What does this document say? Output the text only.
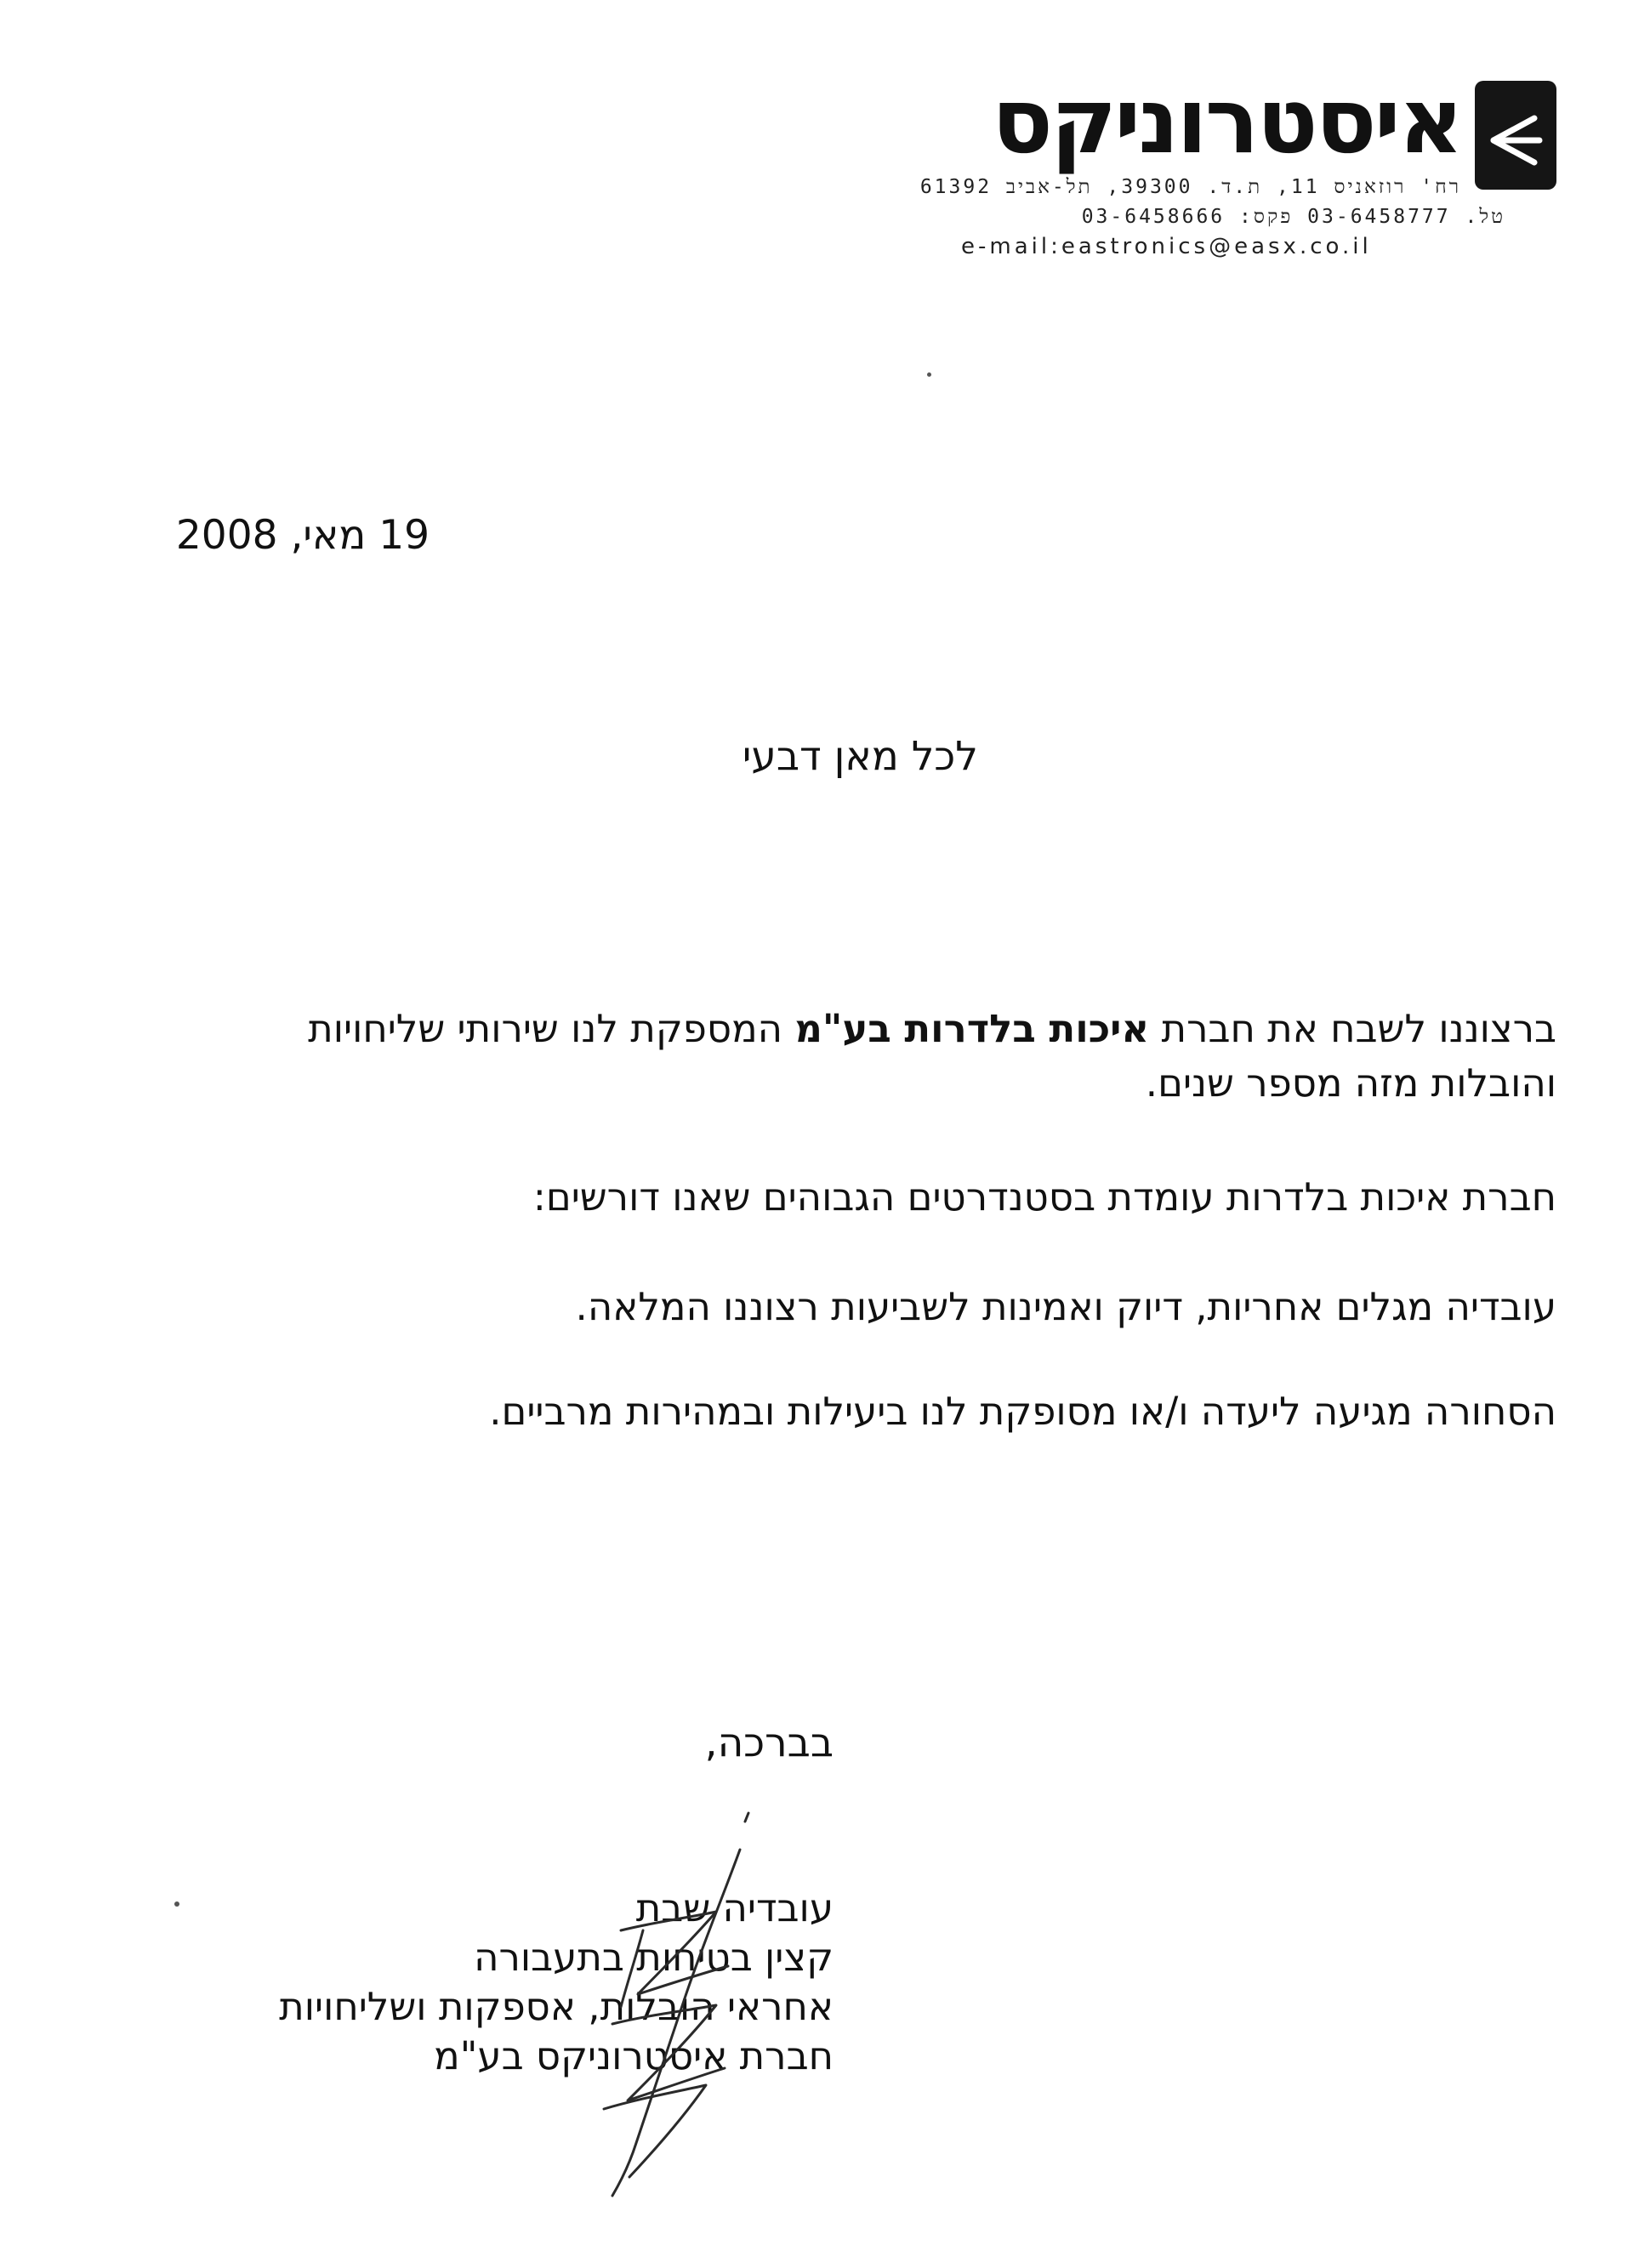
איסטרוניקס
רח' רוזאניס 11, ת.ד. 39300, תל-אביב 61392
טל. 03-6458777 פקס: 03-6458666
e-mail:eastronics@easx.co.il
19 מאי, 2008
לכל מאן דבעי
ברצוננו לשבח את חברת איכות בלדרות בע"מ המספקת לנו שירותי שליחויות
והובלות מזה מספר שנים.
חברת איכות בלדרות עומדת בסטנדרטים הגבוהים שאנו דורשים:
עובדיה מגלים אחריות, דיוק ואמינות לשביעות רצוננו המלאה.
הסחורה מגיעה ליעדה ו/או מסופקת לנו ביעילות ובמהירות מרביים.
בברכה,
עובדיה שבת
קצין בטיחות בתעבורה
אחראי הובלות, אספקות ושליחויות
חברת איסטרוניקס בע"מ
